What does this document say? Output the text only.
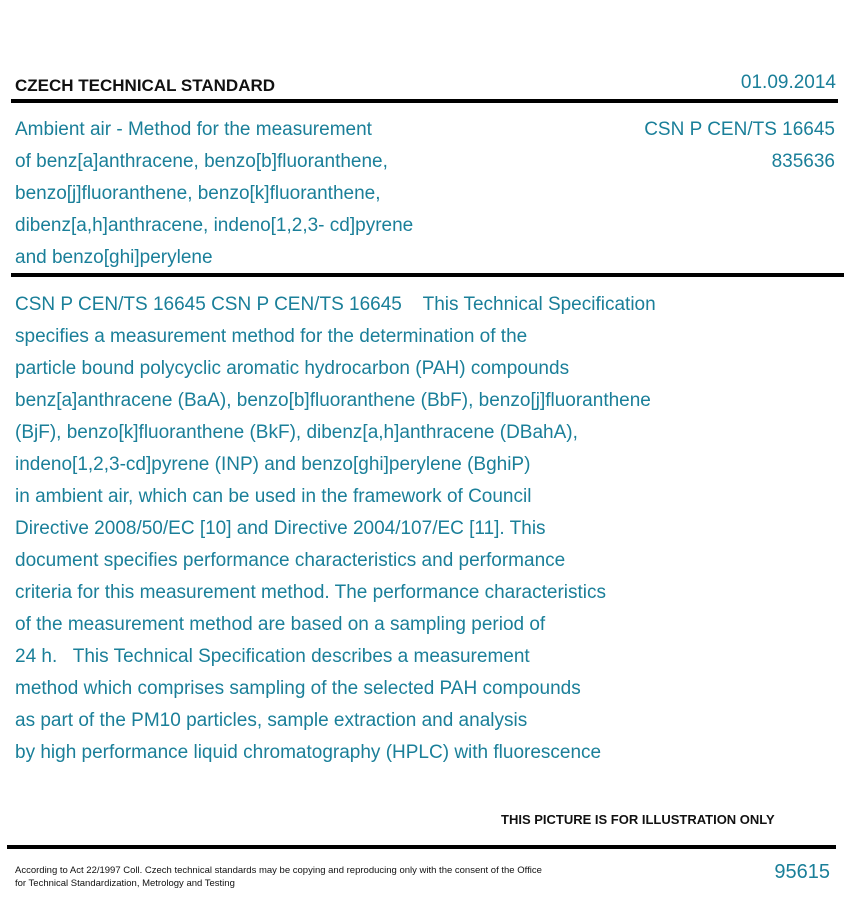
CZECH TECHNICAL STANDARD	01.09.2014
Ambient air - Method for the measurement
of benz[a]anthracene, benzo[b]fluoranthene,
benzo[j]fluoranthene, benzo[k]fluoranthene,
dibenz[a,h]anthracene, indeno[1,2,3- cd]pyrene
and benzo[ghi]perylene
CSN P CEN/TS 16645
835636
CSN P CEN/TS 16645 CSN P CEN/TS 16645    This Technical Specification
specifies a measurement method for the determination of the
particle bound polycyclic aromatic hydrocarbon (PAH) compounds
benz[a]anthracene (BaA), benzo[b]fluoranthene (BbF), benzo[j]fluoranthene
(BjF), benzo[k]fluoranthene (BkF), dibenz[a,h]anthracene (DBahA),
indeno[1,2,3-cd]pyrene (INP) and benzo[ghi]perylene (BghiP)
in ambient air, which can be used in the framework of Council
Directive 2008/50/EC [10] and Directive 2004/107/EC [11]. This
document specifies performance characteristics and performance
criteria for this measurement method. The performance characteristics
of the measurement method are based on a sampling period of
24 h.   This Technical Specification describes a measurement
method which comprises sampling of the selected PAH compounds
as part of the PM10 particles, sample extraction and analysis
by high performance liquid chromatography (HPLC) with fluorescence
THIS PICTURE IS FOR ILLUSTRATION ONLY
According to Act 22/1997 Coll. Czech technical standards may be copying and reproducing only with the consent of the Office
for Technical Standardization, Metrology and Testing
95615
